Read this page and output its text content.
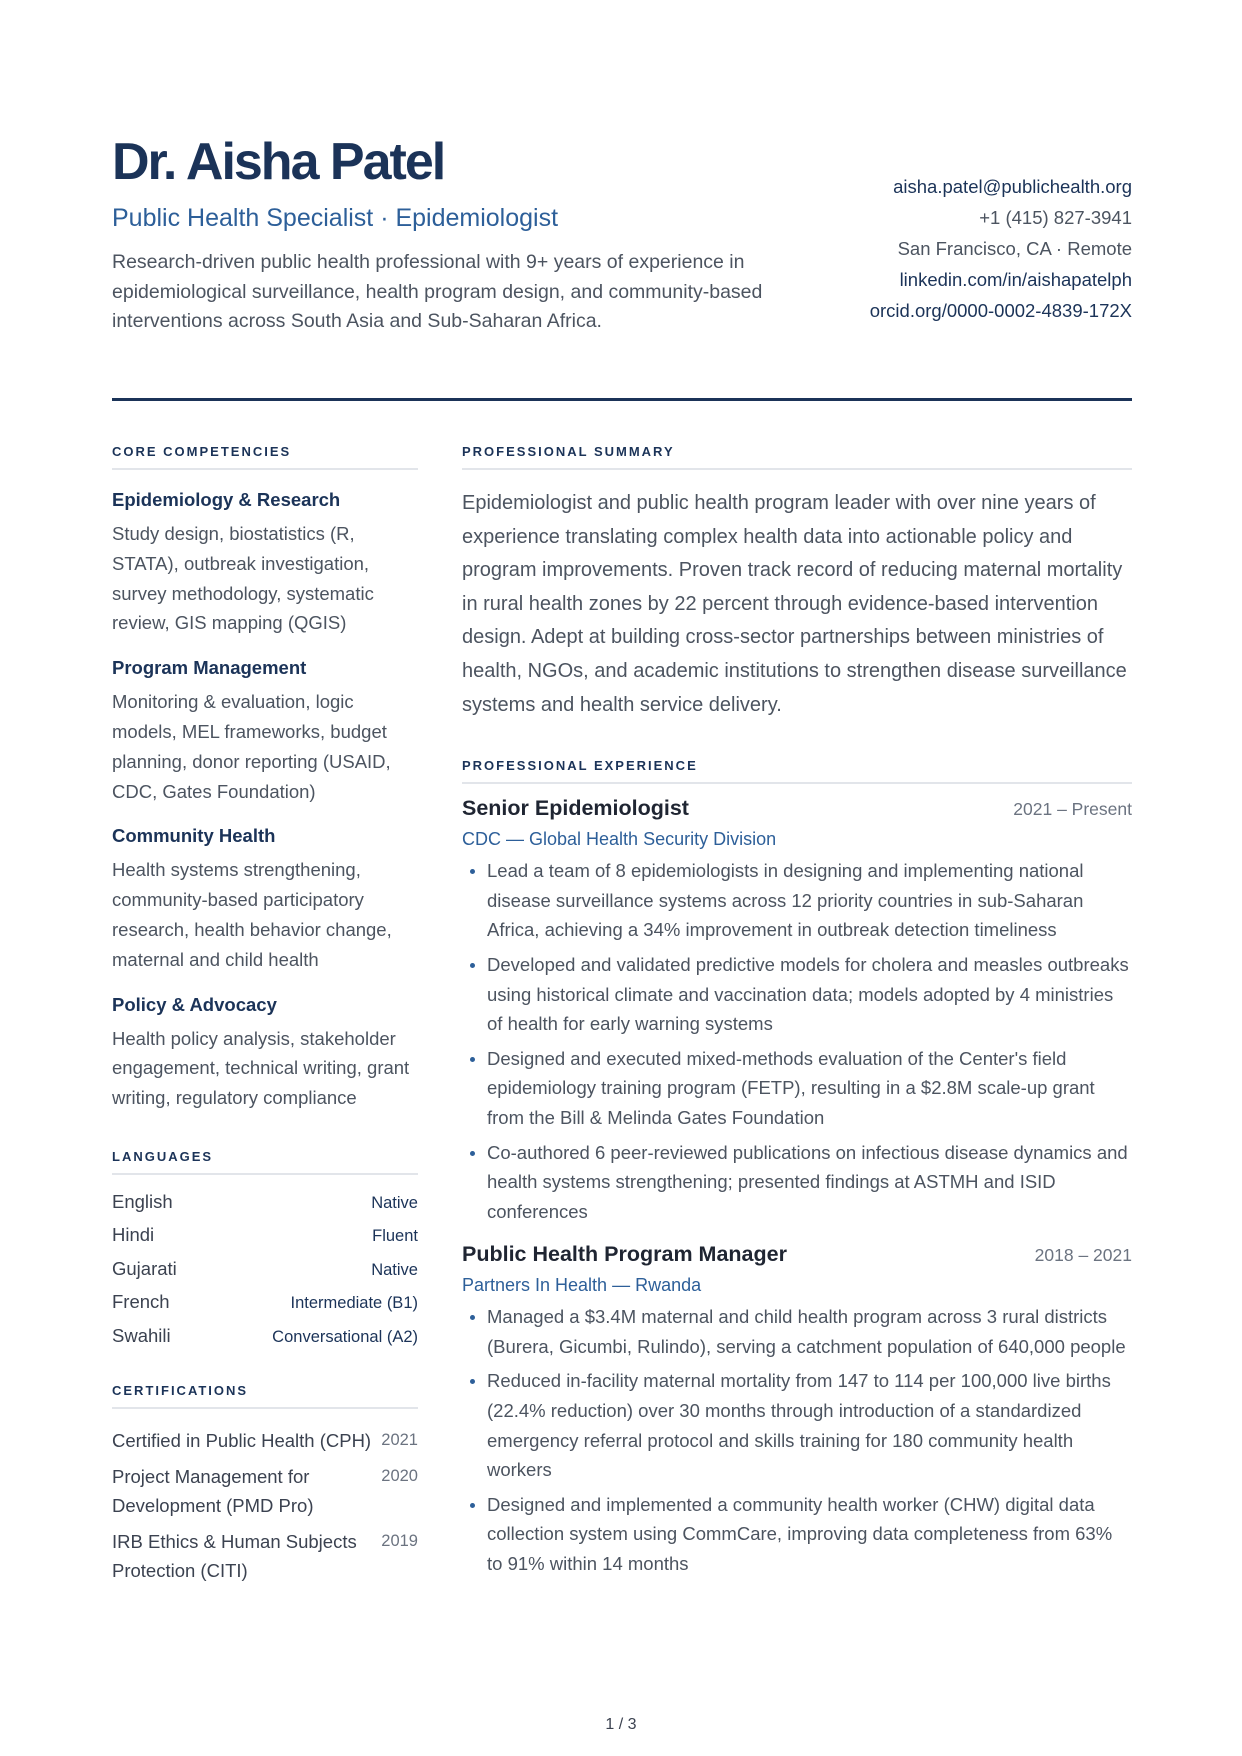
Dr. Aisha Patel
Public Health Specialist · Epidemiologist
Research-driven public health professional with 9+ years of experience in epidemiological surveillance, health program design, and community-based interventions across South Asia and Sub-Saharan Africa.
aisha.patel@publichealth.org
+1 (415) 827-3941
San Francisco, CA · Remote
linkedin.com/in/aishapatelph
orcid.org/0000-0002-4839-172X
CORE COMPETENCIES
Epidemiology & Research
Study design, biostatistics (R, STATA), outbreak investigation, survey methodology, systematic review, GIS mapping (QGIS)
Program Management
Monitoring & evaluation, logic models, MEL frameworks, budget planning, donor reporting (USAID, CDC, Gates Foundation)
Community Health
Health systems strengthening, community-based participatory research, health behavior change, maternal and child health
Policy & Advocacy
Health policy analysis, stakeholder engagement, technical writing, grant writing, regulatory compliance
LANGUAGES
English	Native
Hindi	Fluent
Gujarati	Native
French	Intermediate (B1)
Swahili	Conversational (A2)
CERTIFICATIONS
Certified in Public Health (CPH) 2021
Project Management for Development (PMD Pro)
2020
IRB Ethics & Human Subjects Protection (CITI)
2019
PROFESSIONAL SUMMARY
Epidemiologist and public health program leader with over nine years of experience translating complex health data into actionable policy and program improvements. Proven track record of reducing maternal mortality in rural health zones by 22 percent through evidence-based intervention design. Adept at building cross-sector partnerships between ministries of health, NGOs, and academic institutions to strengthen disease surveillance systems and health service delivery.
PROFESSIONAL EXPERIENCE
Senior Epidemiologist	2021 – Present
CDC — Global Health Security Division
Lead a team of 8 epidemiologists in designing and implementing national disease surveillance systems across 12 priority countries in sub-Saharan Africa, achieving a 34% improvement in outbreak detection timeliness
Developed and validated predictive models for cholera and measles outbreaks using historical climate and vaccination data; models adopted by 4 ministries of health for early warning systems
Designed and executed mixed-methods evaluation of the Center's field epidemiology training program (FETP), resulting in a $2.8M scale-up grant from the Bill & Melinda Gates Foundation
Co-authored 6 peer-reviewed publications on infectious disease dynamics and health systems strengthening; presented findings at ASTMH and ISID conferences
Public Health Program Manager	2018 – 2021
Partners In Health — Rwanda
Managed a $3.4M maternal and child health program across 3 rural districts (Burera, Gicumbi, Rulindo), serving a catchment population of 640,000 people
Reduced in-facility maternal mortality from 147 to 114 per 100,000 live births (22.4% reduction) over 30 months through introduction of a standardized emergency referral protocol and skills training for 180 community health workers
Designed and implemented a community health worker (CHW) digital data collection system using CommCare, improving data completeness from 63% to 91% within 14 months
1 / 3
